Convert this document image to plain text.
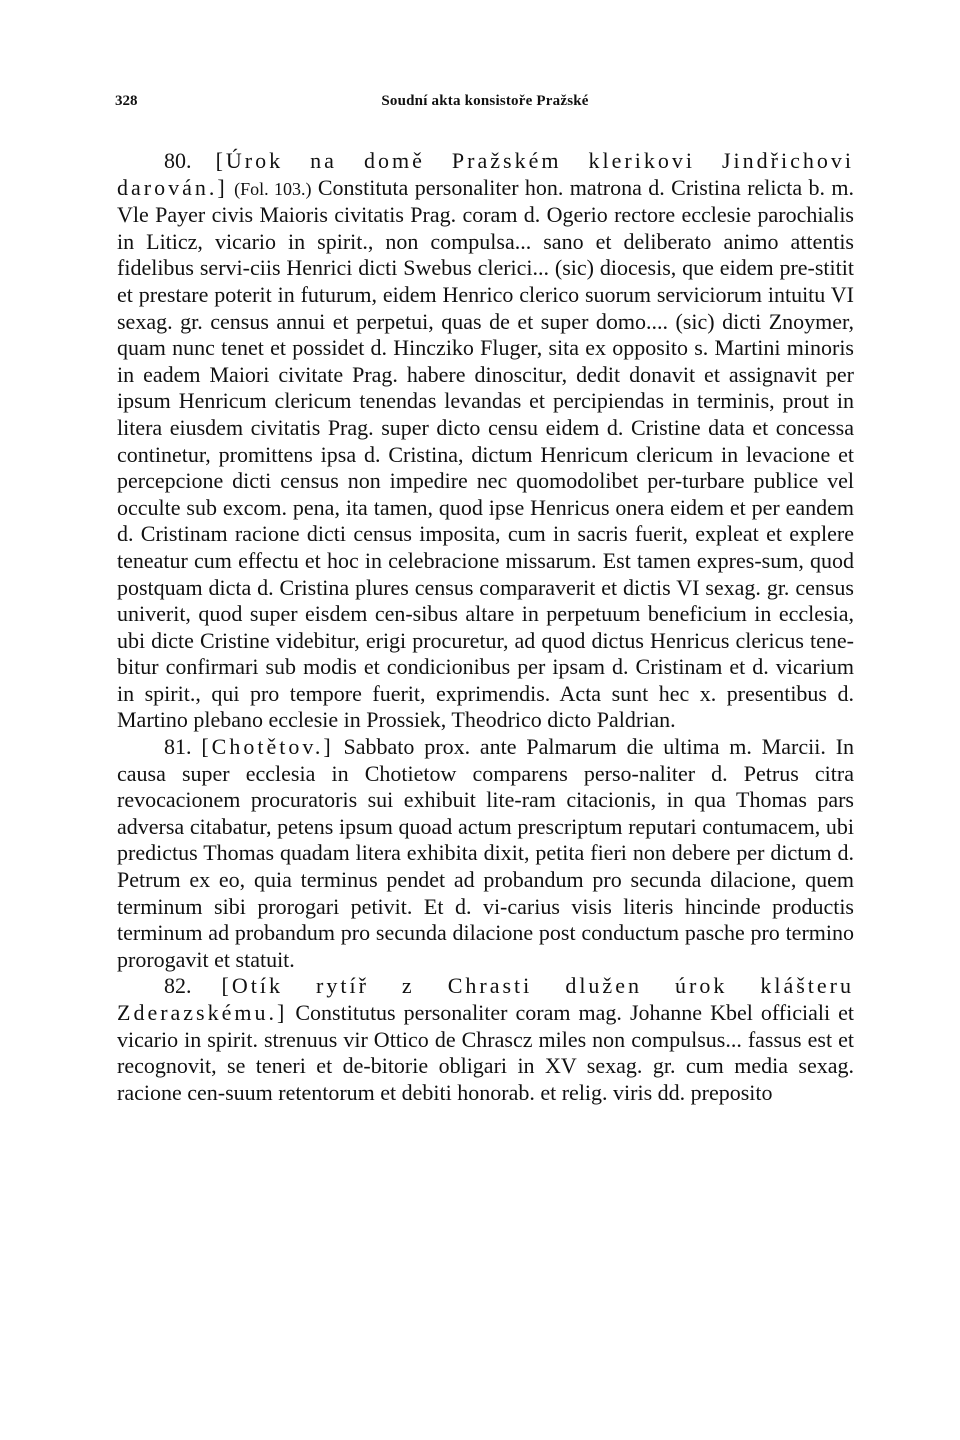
328	Soudní akta konsistoře Pražské

80. [Úrok na domě Pražském klerikovi Jindřichovi darován.] (Fol. 103.) Constituta personaliter hon. matrona d. Cristina relicta b. m. Vle Payer civis Maioris civitatis Prag. coram d. Ogerio rectore ecclesie parochialis in Liticz, vicario in spirit., non compulsa... sano et deliberato animo attentis fidelibus servi-ciis Henrici dicti Swebus clerici... (sic) diocesis, que eidem pre-stitit et prestare poterit in futurum, eidem Henrico clerico suorum serviciorum intuitu VI sexag. gr. census annui et perpetui, quas de et super domo.... (sic) dicti Znoymer, quam nunc tenet et possidet d. Hinczikо Fluger, sita ex opposito s. Martini minoris in eadem Maiori civitate Prag. habere dinoscitur, dedit donavit et assignavit per ipsum Henricum clericum tenendas levandas et percipiendas in terminis, prout in litera eiusdem civitatis Prag. super dicto censu eidem d. Cristine data et concessa continetur, promittens ipsa d. Cristina, dictum Henricum clericum in levacione et percepcione dicti census non impedire nec quomodolibet per-turbare publice vel occulte sub excom. pena, ita tamen, quod ipse Henricus onera eidem et per eandem d. Cristinam racione dicti census imposita, cum in sacris fuerit, expleat et explere teneatur cum effectu et hoc in celebracione missarum. Est tamen expres-sum, quod postquam dicta d. Cristina plures census comparaverit et dictis VI sexag. gr. census univerit, quod super eisdem cen-sibus altare in perpetuum beneficium in ecclesia, ubi dicte Cristine videbitur, erigi procuretur, ad quod dictus Henricus clericus tene-bitur confirmari sub modis et condicionibus per ipsam d. Cristinam et d. vicarium in spirit., qui pro tempore fuerit, exprimendis. Acta sunt hec x. presentibus d. Martino plebano ecclesie in Prossiek, Theodrico dicto Paldrian.

81. [Chotětov.] Sabbato prox. ante Palmarum die ultima m. Marcii. In causa super ecclesia in Chotietow comparens perso-naliter d. Petrus citra revocacionem procuratoris sui exhibuit lite-ram citacionis, in qua Thomas pars adversa citabatur, petens ipsum quoad actum prescriptum reputari contumacem, ubi predictus Thomas quadam litera exhibita dixit, petita fieri non debere per dictum d. Petrum ex eo, quia terminus pendet ad probandum pro secunda dilacione, quem terminum sibi prorogari petivit. Et d. vi-carius visis literis hincinde productis terminum ad probandum pro secunda dilacione post conductum pasche pro termino prorogavit et statuit.

82. [Otík rytíř z Chrasti dlužen úrok klášteru Zderazskému.] Constitutus personaliter coram mag. Johanne Kbel officiali et vicario in spirit. strenuus vir Ottico de Chrascz miles non compulsus... fassus est et recognovit, se teneri et de-bitorie obligari in XV sexag. gr. cum media sexag. racione cen-suum retentorum et debiti honorab. et relig. viris dd. preposito
